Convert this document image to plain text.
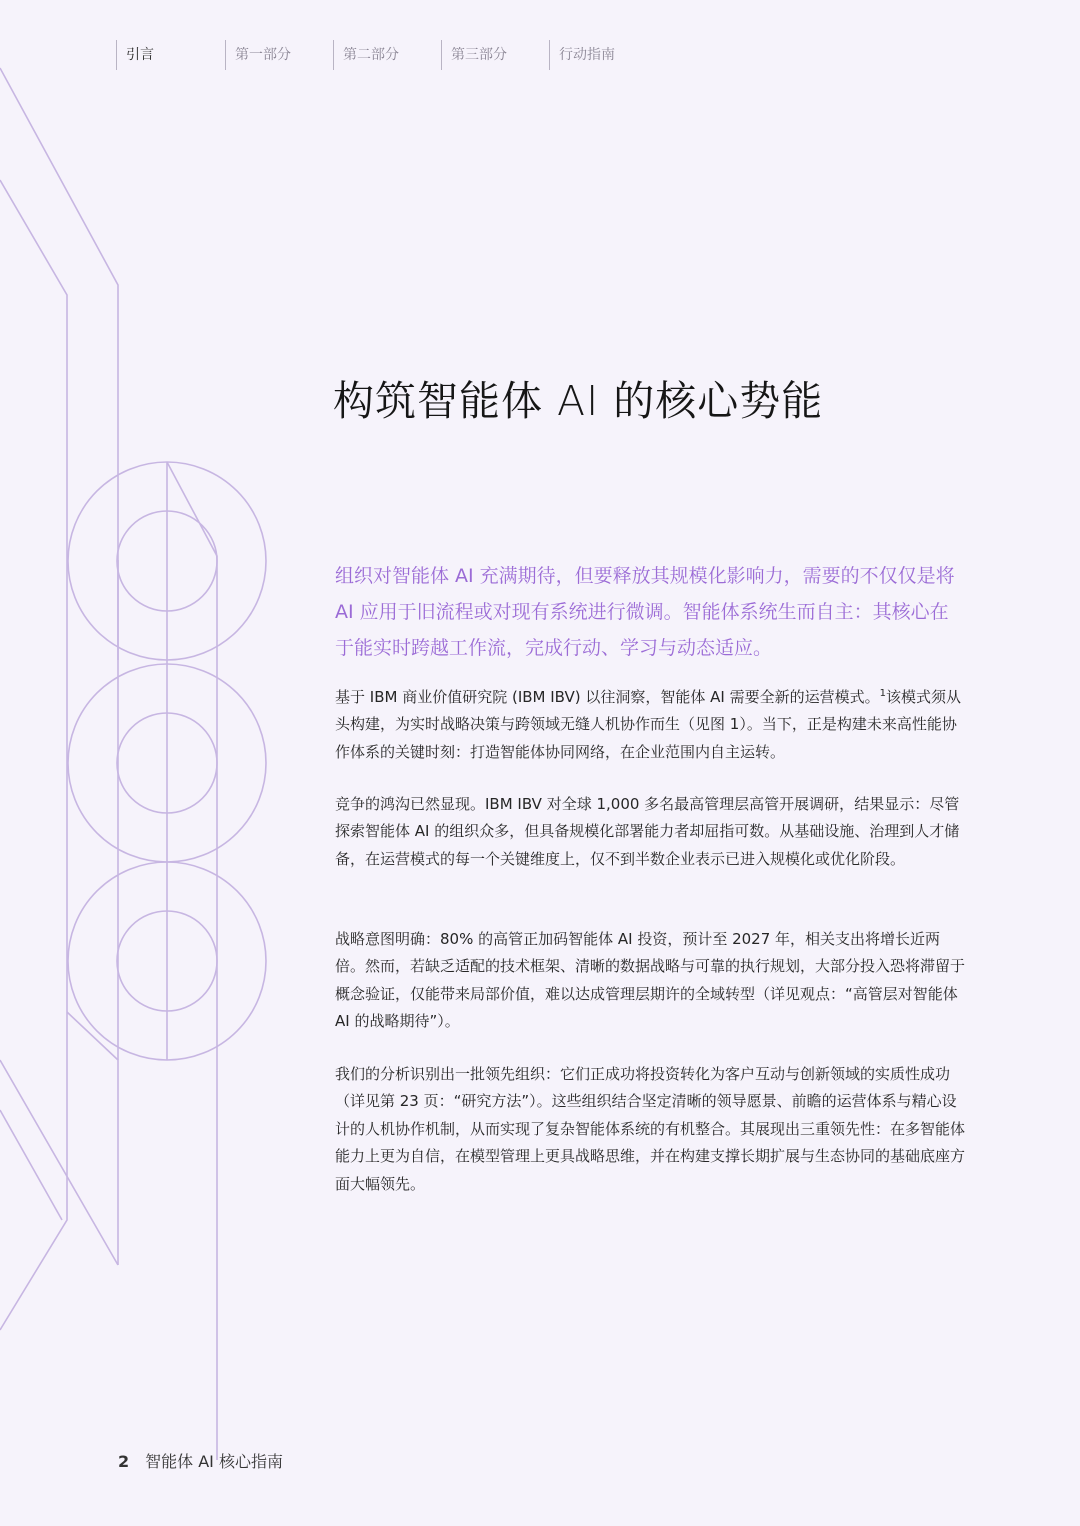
引言	第一部分	第二部分	第三部分	行动指南
构筑智能体 AI 的核心势能

组织对智能体 AI 充满期待，但要释放其规模化影响力，需要的不仅仅是将 AI 应用于旧流程或对现有系统进行微调。智能体系统生而自主：其核心在于能实时跨越工作流，完成行动、学习与动态适应。

基于 IBM 商业价值研究院 (IBM IBV) 以往洞察，智能体 AI 需要全新的运营模式。$^1$该模式须从头构建，为实时战略决策与跨领域无缝人机协作而生（见图 1）。当下，正是构建未来高性能协作体系的关键时刻：打造智能体协同网络，在企业范围内自主运转。

竞争的鸿沟已然显现。IBM IBV 对全球 1,000 多名最高管理层高管开展调研，结果显示：尽管探索智能体 AI 的组织众多，但具备规模化部署能力者却屈指可数。从基础设施、治理到人才储备，在运营模式的每一个关键维度上，仅不到半数企业表示已进入规模化或优化阶段。

战略意图明确：80% 的高管正加码智能体 AI 投资，预计至 2027 年，相关支出将增长近两倍。然而，若缺乏适配的技术框架、清晰的数据战略与可靠的执行规划，大部分投入恐将滞留于概念验证，仅能带来局部价值，难以达成管理层期许的全域转型（详见观点：“高管层对智能体 AI 的战略期待”）。

我们的分析识别出一批领先组织：它们正成功将投资转化为客户互动与创新领域的实质性成功（详见第 23 页：“研究方法”）。这些组织结合坚定清晰的领导愿景、前瞻的运营体系与精心设计的人机协作机制，从而实现了复杂智能体系统的有机整合。其展现出三重领先性：在多智能体能力上更为自信，在模型管理上更具战略思维，并在构建支撑长期扩展与生态协同的基础底座方面大幅领先。

2 智能体 AI 核心指南
